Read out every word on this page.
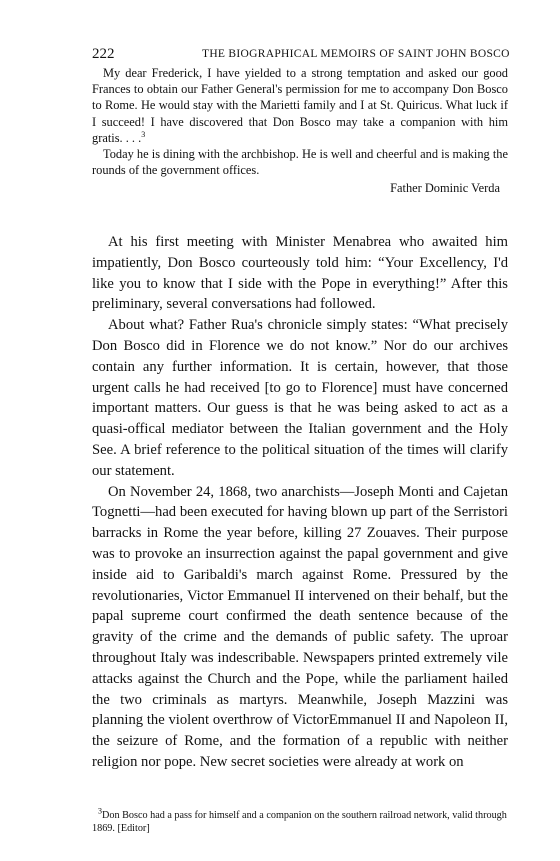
222	THE BIOGRAPHICAL MEMOIRS OF SAINT JOHN BOSCO

My dear Frederick, I have yielded to a strong temptation and asked our good Frances to obtain our Father General's permission for me to accompany Don Bosco to Rome. He would stay with the Marietti family and I at St. Quiricus. What luck if I succeed! I have discovered that Don Bosco may take a companion with him gratis. . . .$^3$

Today he is dining with the archbishop. He is well and cheerful and is making the rounds of the government offices.

Father Dominic Verda

At his first meeting with Minister Menabrea who awaited him impatiently, Don Bosco courteously told him: “Your Excellency, I'd like you to know that I side with the Pope in everything!” After this preliminary, several conversations had followed.

About what? Father Rua's chronicle simply states: “What precisely Don Bosco did in Florence we do not know.” Nor do our archives contain any further information. It is certain, however, that those urgent calls he had received [to go to Florence] must have concerned important matters. Our guess is that he was being asked to act as a quasi-offical mediator between the Italian government and the Holy See. A brief reference to the political situation of the times will clarify our statement.

On November 24, 1868, two anarchists—Joseph Monti and Cajetan Tognetti—had been executed for having blown up part of the Serristori barracks in Rome the year before, killing 27 Zouaves. Their purpose was to provoke an insurrection against the papal government and give inside aid to Garibaldi's march against Rome. Pressured by the revolutionaries, Victor Emmanuel II intervened on their behalf, but the papal supreme court confirmed the death sentence because of the gravity of the crime and the demands of public safety. The uproar throughout Italy was indescribable. Newspapers printed extremely vile attacks against the Church and the Pope, while the parliament hailed the two criminals as martyrs. Meanwhile, Joseph Mazzini was planning the violent overthrow of VictorEmmanuel II and Napoleon II, the seizure of Rome, and the formation of a republic with neither religion nor pope. New secret societies were already at work on

$^3$Don Bosco had a pass for himself and a companion on the southern railroad network, valid through 1869. [Editor]
